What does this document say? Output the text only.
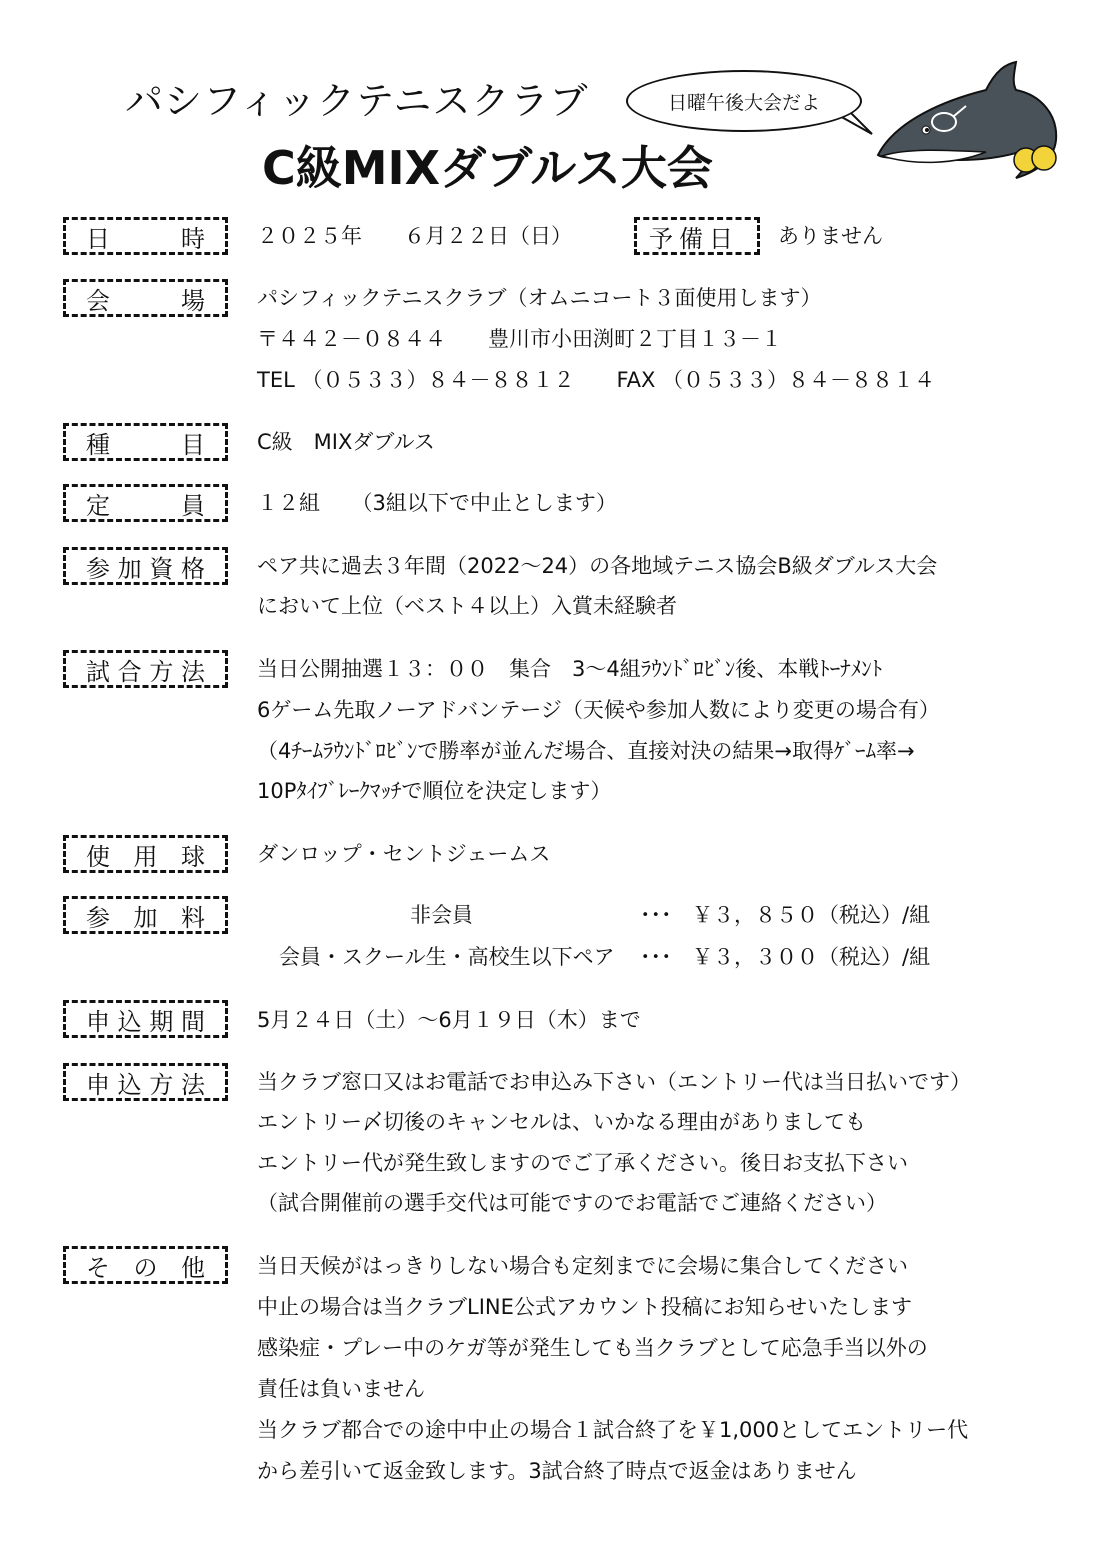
パシフィックテニスクラブ
C級MIXダブルス大会
日曜午後大会だよ
日	時 ２０２５年　　６月２２日（日）	予備日 ありません
会	場 パシフィックテニスクラブ（オムニコート３面使用します）
〒４４２－０８４４　　豊川市小田渕町２丁目１３－１
TEL （０５３３）８４－８８１２　　FAX （０５３３）８４－８８１４
種	目 C級　MIXダブルス
定	員 １２組　　（3組以下で中止とします）
参 加 資 格 ペア共に過去３年間（2022～24）の各地域テニス協会B級ダブルス大会
において上位（ベスト４以上）入賞未経験者
試 合 方 法 当日公開抽選１３：００　集合　3～4組ﾗｳﾝﾄﾞﾛﾋﾞﾝ後、本戦ﾄｰﾅﾒﾝﾄ
6ゲーム先取ノーアドバンテージ（天候や参加人数により変更の場合有）
（4ﾁｰﾑﾗｳﾝﾄﾞﾛﾋﾞﾝで勝率が並んだ場合、直接対決の結果→取得ｹﾞｰﾑ率→
10Pﾀｲﾌﾞﾚｰｸﾏｯﾁで順位を決定します）
使 用 球 ダンロップ・セントジェームス
参 加 料	非会員	･･･ ￥３，８５０（税込）/組
会員・スクール生・高校生以下ペア ･･･ ￥３，３００（税込）/組
申 込 期 間 5月２４日（土）～6月１９日（木）まで
申 込 方 法 当クラブ窓口又はお電話でお申込み下さい（エントリー代は当日払いです）
エントリー〆切後のキャンセルは、いかなる理由がありましても
エントリー代が発生致しますのでご了承ください。後日お支払下さい
（試合開催前の選手交代は可能ですのでお電話でご連絡ください）
そ の 他 当日天候がはっきりしない場合も定刻までに会場に集合してください
中止の場合は当クラブLINE公式アカウント投稿にお知らせいたします
感染症・プレー中のケガ等が発生しても当クラブとして応急手当以外の
責任は負いません
当クラブ都合での途中中止の場合１試合終了を￥1,000としてエントリー代
から差引いて返金致します。3試合終了時点で返金はありません
